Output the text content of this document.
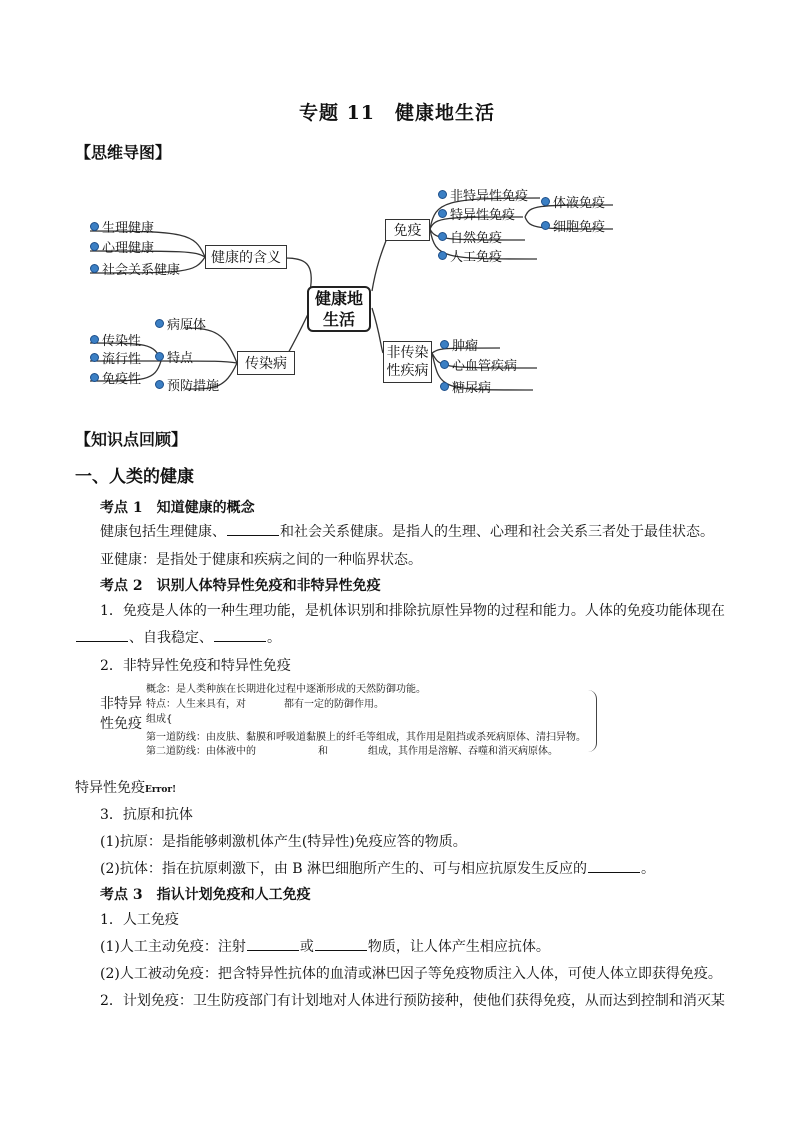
专题 11　健康地生活
【思维导图】
健康地
生活
健康的含义
生理健康
心理健康
社会关系健康
传染病
病原体
特点
预防措施
传染性
流行性
免疫性
免疫
非特异性免疫
特异性免疫
自然免疫
人工免疫
体液免疫
细胞免疫
非传染
性疾病
肿瘤
心血管疾病
糖尿病
【知识点回顾】
一、人类的健康
考点 1　知道健康的概念
健康包括生理健康、	和社会关系健康。是指人的生理、心理和社会关系三者处于最佳状态。
亚健康：是指处于健康和疾病之间的一种临界状态。
考点 2　识别人体特异性免疫和非特异性免疫
1．免疫是人体的一种生理功能，是机体识别和排除抗原性异物的过程和能力。人体的免疫功能体现在
、自我稳定、	。
2．非特异性免疫和特异性免疫
非特异
性免疫
概念：是人类种族在长期进化过程中逐渐形成的天然防御功能。
特点：人生来具有，对	都有一定的防御作用。
组成{
第一道防线：由皮肤、黏膜和呼吸道黏膜上的纤毛等组成，其作用是阻挡或杀死病原体、清扫异物。
第二道防线：由体液中的	和	组成，其作用是溶解、吞噬和消灭病原体。
特异性免疫Error!
3．抗原和抗体
(1)抗原：是指能够刺激机体产生(特异性)免疫应答的物质。
(2)抗体：指在抗原刺激下，由 B 淋巴细胞所产生的、可与相应抗原发生反应的	。
考点 3　指认计划免疫和人工免疫
1．人工免疫
(1)人工主动免疫：注射	或	物质，让人体产生相应抗体。
(2)人工被动免疫：把含特异性抗体的血清或淋巴因子等免疫物质注入人体，可使人体立即获得免疫。
2．计划免疫：卫生防疫部门有计划地对人体进行预防接种，使他们获得免疫，从而达到控制和消灭某
